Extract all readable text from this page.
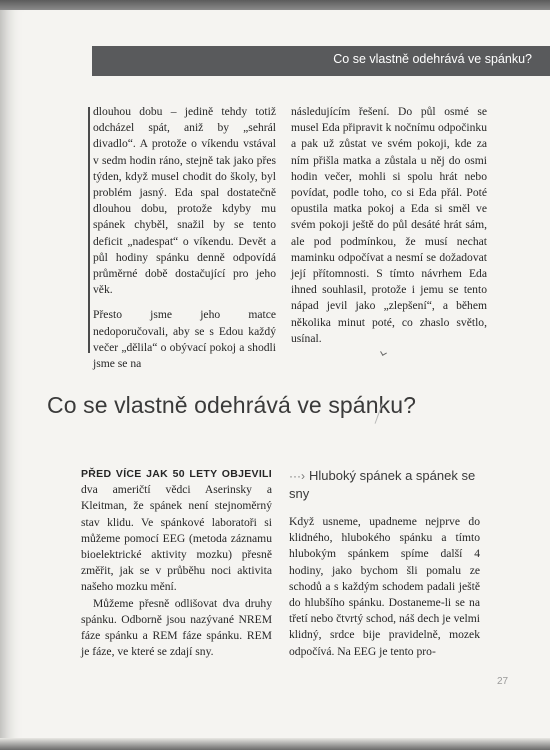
Co se vlastně odehrává ve spánku?

dlouhou dobu – jedině tehdy totiž odcházel spát, aniž by „sehrál divadlo“. A protože o víkendu vstával v sedm hodin ráno, stejně tak jako přes týden, když musel chodit do školy, byl problém jasný. Eda spal dostatečně dlouhou dobu, protože kdyby mu spánek chyběl, snažil by se tento deficit „nadespat“ o víkendu. Devět a půl hodiny spánku denně odpovídá průměrné době dostačující pro jeho věk.

Přesto jsme jeho matce nedoporučovali, aby se s Edou každý večer „dělila“ o obývací pokoj a shodli jsme se na

následujícím řešení. Do půl osmé se musel Eda připravit k nočnímu odpočinku a pak už zůstat ve svém pokoji, kde za ním přišla matka a zůstala u něj do osmi hodin večer, mohli si spolu hrát nebo povídat, podle toho, co si Eda přál. Poté opustila matka pokoj a Eda si směl ve svém pokoji ještě do půl desáté hrát sám, ale pod podmínkou, že musí nechat maminku odpočívat a nesmí se dožadovat její přítomnosti. S tímto návrhem Eda ihned souhlasil, protože i jemu se tento nápad jevil jako „zlepšení“, a během několika minut poté, co zhaslo světlo, usínal.

Co se vlastně odehrává ve spánku?

PŘED VÍCE JAK 50 LETY OBJEVILI dva američtí vědci Aserinsky a Kleitman, že spánek není stejnoměrný stav klidu. Ve spánkové laboratoři si můžeme pomocí EEG (metoda záznamu bioelektrické aktivity mozku) přesně změřit, jak se v průběhu noci aktivita našeho mozku mění.

Můžeme přesně odlišovat dva druhy spánku. Odborně jsou nazývané NREM fáze spánku a REM fáze spánku. REM je fáze, ve které se zdají sny.

···› Hluboký spánek a spánek se sny

Když usneme, upadneme nejprve do klidného, hlubokého spánku a tímto hlubokým spánkem spíme další 4 hodiny, jako bychom šli pomalu ze schodů a s každým schodem padali ještě do hlubšího spánku. Dostaneme-li se na třetí nebo čtvrtý schod, náš dech je velmi klidný, srdce bije pravidelně, mozek odpočívá. Na EEG je tento pro-

27
